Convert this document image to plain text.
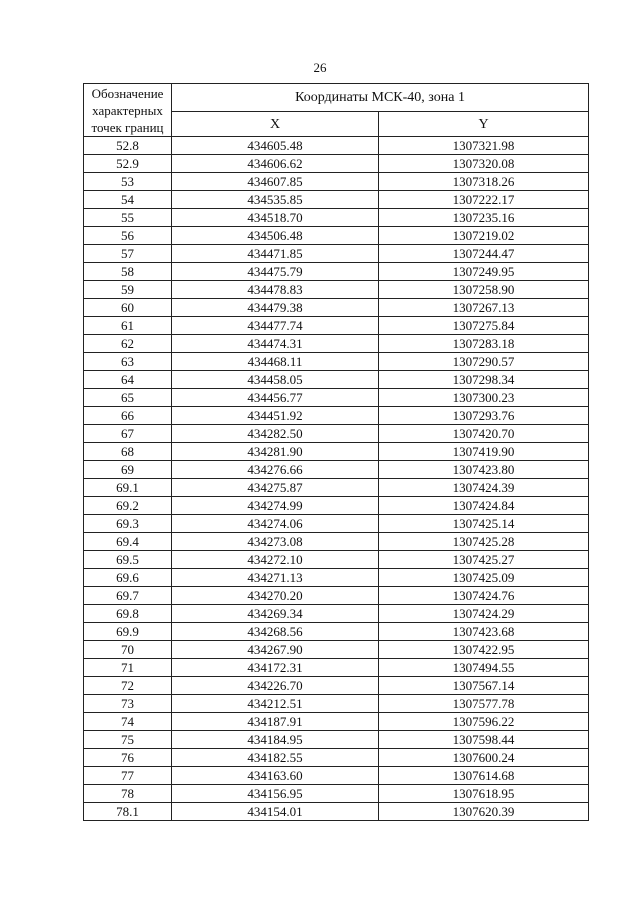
26
Обозначение
характерных
точек границ	Координаты МСК-40, зона 1	
	X	Y
52.8	434605.48	1307321.98
52.9	434606.62	1307320.08
53	434607.85	1307318.26
54	434535.85	1307222.17
55	434518.70	1307235.16
56	434506.48	1307219.02
57	434471.85	1307244.47
58	434475.79	1307249.95
59	434478.83	1307258.90
60	434479.38	1307267.13
61	434477.74	1307275.84
62	434474.31	1307283.18
63	434468.11	1307290.57
64	434458.05	1307298.34
65	434456.77	1307300.23
66	434451.92	1307293.76
67	434282.50	1307420.70
68	434281.90	1307419.90
69	434276.66	1307423.80
69.1	434275.87	1307424.39
69.2	434274.99	1307424.84
69.3	434274.06	1307425.14
69.4	434273.08	1307425.28
69.5	434272.10	1307425.27
69.6	434271.13	1307425.09
69.7	434270.20	1307424.76
69.8	434269.34	1307424.29
69.9	434268.56	1307423.68
70	434267.90	1307422.95
71	434172.31	1307494.55
72	434226.70	1307567.14
73	434212.51	1307577.78
74	434187.91	1307596.22
75	434184.95	1307598.44
76	434182.55	1307600.24
77	434163.60	1307614.68
78	434156.95	1307618.95
78.1	434154.01	1307620.39
